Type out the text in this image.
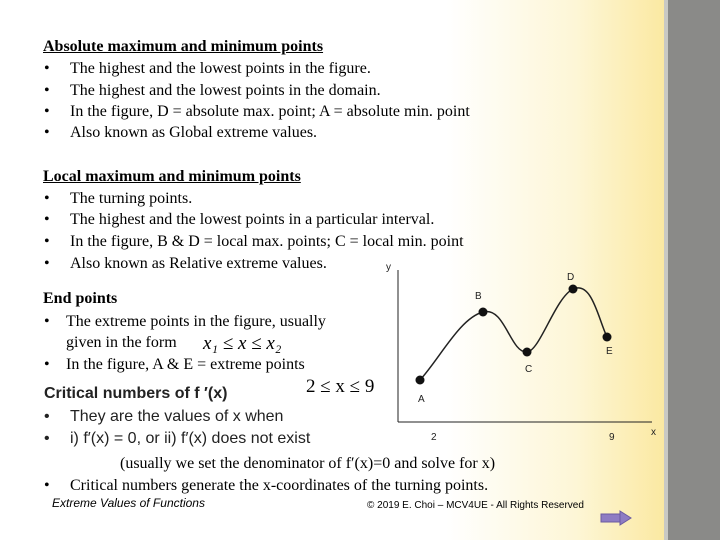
Absolute maximum and minimum points
• The highest and the lowest points in the figure.
• The highest and the lowest points in the domain.
• In the figure, D = absolute max. point; A = absolute min. point
• Also known as Global extreme values.
Local maximum and minimum points
• The turning points.
• The highest and the lowest points in a particular interval.
• In the figure, B & D = local max. points; C = local min. point
• Also known as Relative extreme values.
End points
• The extreme points in the figure, usually
given in the form x₁ ≤ x ≤ x₂
• In the figure, A & E = extreme points
2 ≤ x ≤ 9
Critical numbers of f ′(x)
• They are the values of x when
• i) f′(x) = 0, or ii) f′(x) does not exist
(usually we set the denominator of f′(x)=0 and solve for x)
• Critical numbers generate the x-coordinates of the turning points.
y
x
A
B
C
D
E
2	9
Extreme Values of Functions	© 2019 E. Choi – MCV4UE - All Rights Reserved
